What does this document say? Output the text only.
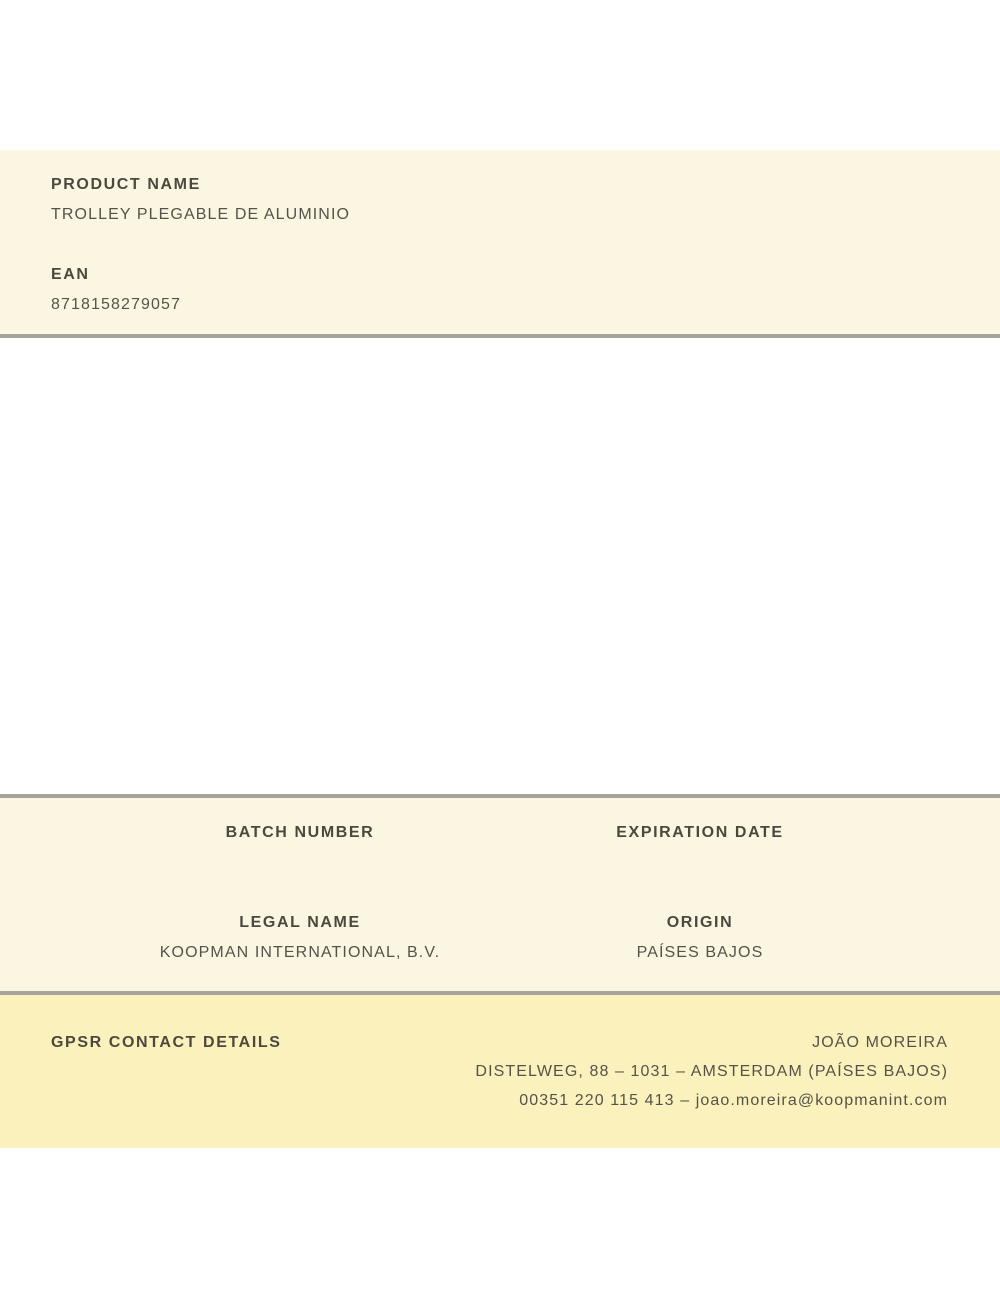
PRODUCT NAME
TROLLEY PLEGABLE DE ALUMINIO
EAN
8718158279057
BATCH NUMBER
LEGAL NAME
KOOPMAN INTERNATIONAL, B.V.
EXPIRATION DATE
ORIGIN
PAÍSES BAJOS
GPSR CONTACT DETAILS	JOÃO MOREIRA
DISTELWEG, 88 – 1031 – AMSTERDAM (PAÍSES BAJOS)
00351 220 115 413 – joao.moreira@koopmanint.com
